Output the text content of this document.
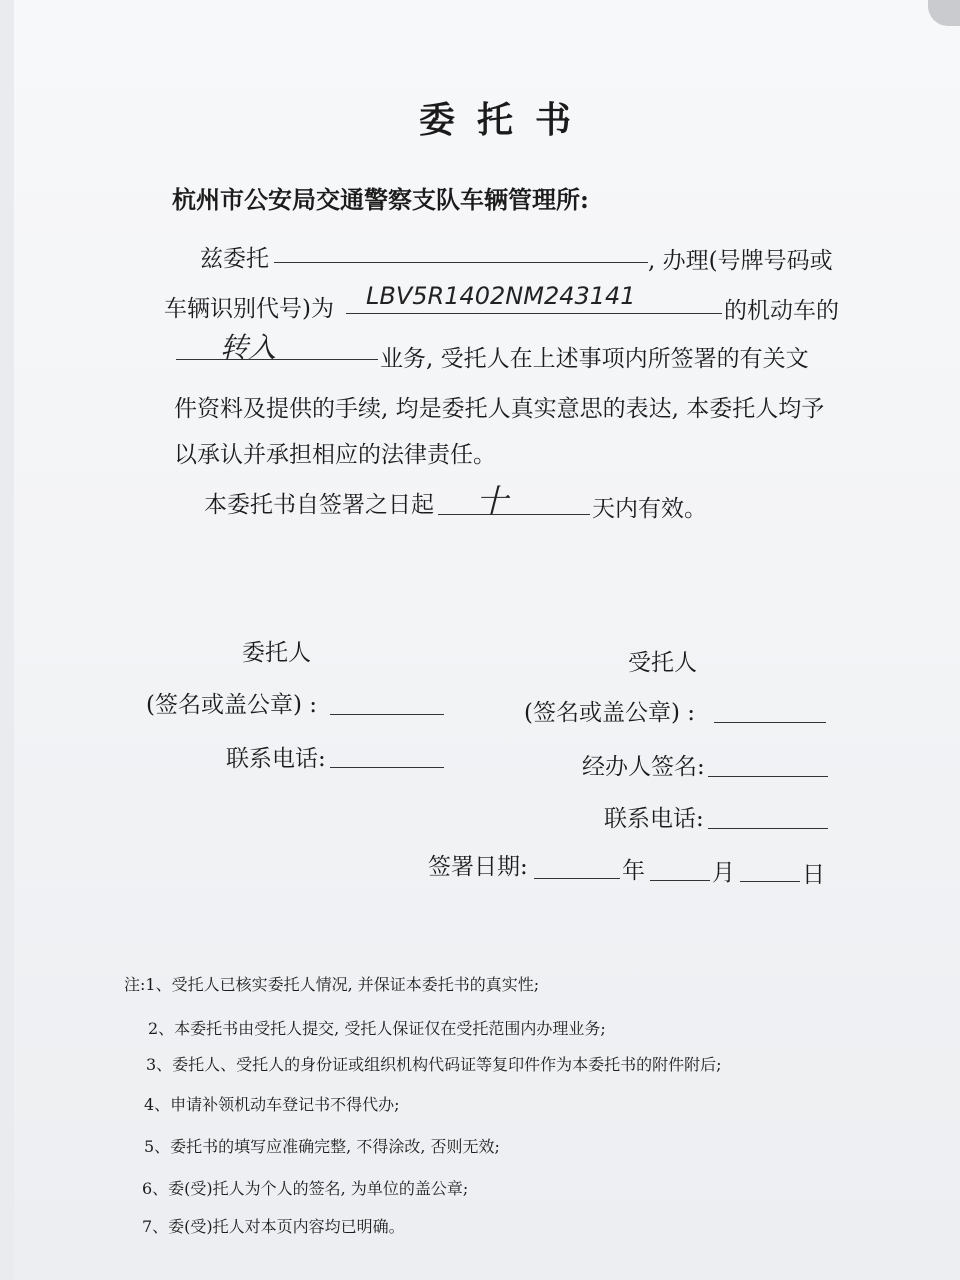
委托书
杭州市公安局交通警察支队车辆管理所:
兹委托	, 办理(号牌号码或
车辆识别代号)为 LBV5R1402NM243141
的机动车的
转入	业务, 受托人在上述事项内所签署的有关文
件资料及提供的手续, 均是委托人真实意思的表达, 本委托人均予
以承认并承担相应的法律责任。
本委托书自签署之日起 十	天内有效。
委托人
(签名或盖公章) :
联系电话:
受托人
(签名或盖公章) :
经办人签名:
联系电话:
签署日期:	年	月	日
注:1、受托人已核实委托人情况, 并保证本委托书的真实性;
2、本委托书由受托人提交, 受托人保证仅在受托范围内办理业务;
3、委托人、受托人的身份证或组织机构代码证等复印件作为本委托书的附件附后;
4、申请补领机动车登记书不得代办;
5、委托书的填写应准确完整, 不得涂改, 否则无效;
6、委(受)托人为个人的签名, 为单位的盖公章;
7、委(受)托人对本页内容均已明确。
